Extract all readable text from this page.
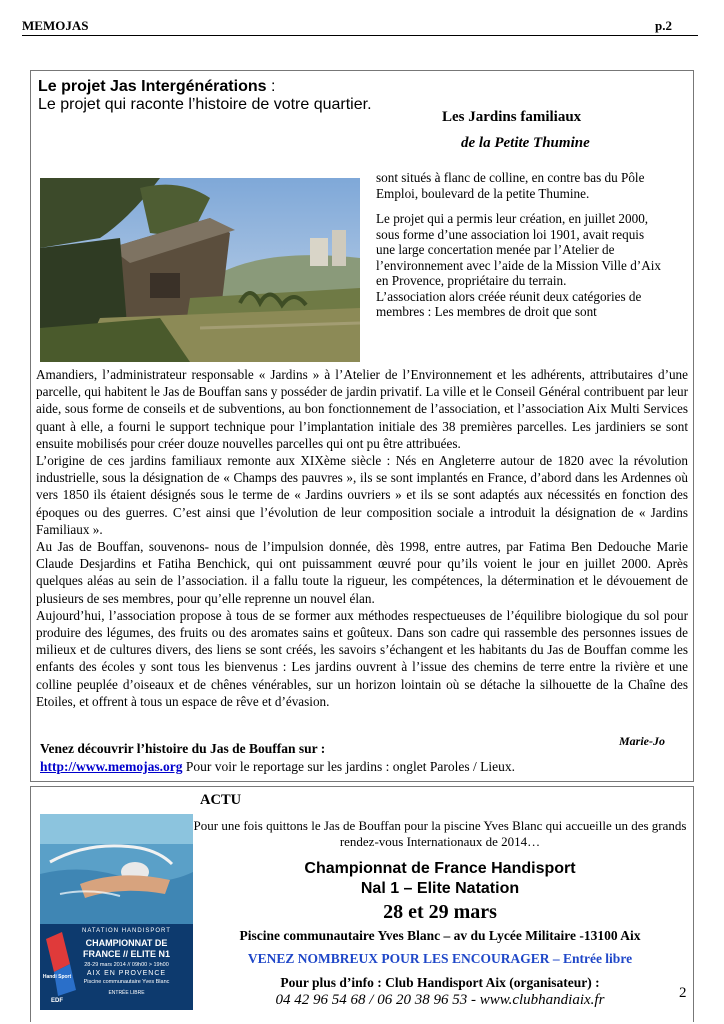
MEMOJAS	p.2
Le projet Jas Intergénérations :
Le projet qui raconte l’histoire de votre quartier.
Les Jardins familiaux
de la Petite Thumine

sont situés à flanc de colline, en contre bas du Pôle Emploi, boulevard de la petite Thumine.

Le projet qui a permis leur création, en juillet 2000,

sous forme d’une association loi 1901, avait requis

une large concertation menée par l’Atelier de l’environnement avec l’aide de la Mission Ville d’Aix en Provence, propriétaire du terrain.

L’association alors créée réunit deux catégories de membres : Les membres de droit que sont

Amandiers, l’administrateur responsable « Jardins » à l’Atelier de l’Environnement et les adhérents, attributaires d’une parcelle, qui habitent le Jas de Bouffan sans y posséder de jardin privatif. La ville et le Conseil Général contribuent par leur aide, sous forme de conseils et de subventions, au bon fonctionnement de l’association, et l’association Aix Multi Services quant à elle, a fourni le support technique pour l’implantation initiale des 38 premières parcelles. Les jardiniers se sont ensuite mobilisés pour créer douze nouvelles parcelles qui ont pu être attribuées.

L’origine de ces jardins familiaux remonte aux XIXème siècle : Nés en Angleterre autour de 1820 avec la révolution industrielle, sous la désignation de « Champs des pauvres », ils se sont implantés en France, d’abord dans les Ardennes où vers 1850 ils étaient désignés sous le terme de « Jardins ouvriers » et ils se sont adaptés aux nécessités en fonction des époques ou des guerres. C’est ainsi que l’évolution de leur composition sociale a introduit la désignation de « Jardins Familiaux ».

Au Jas de Bouffan, souvenons- nous de l’impulsion donnée, dès 1998, entre autres, par Fatima Ben Dedouche Marie Claude Desjardins et Fatiha Benchick, qui ont puissamment œuvré pour qu’ils voient le jour en juillet 2000. Après quelques aléas au sein de l’association. il a fallu toute la rigueur, les compétences, la détermination et le dévouement de plusieurs de ses membres, pour qu’elle reprenne un nouvel élan.

Aujourd’hui, l’association propose à tous de se former aux méthodes respectueuses de l’équilibre biologique du sol pour produire des légumes, des fruits ou des aromates sains et goûteux. Dans son cadre qui rassemble des personnes issues de milieux et de cultures divers, des liens se sont créés, les savoirs s’échangent et les habitants du Jas de Bouffan comme les enfants des écoles y sont tous les bienvenus : Les jardins ouvrent à l’issue des chemins de terre entre la rivière et une colline peuplée d’oiseaux et de chênes vénérables, sur un horizon lointain où se détache la silhouette de la Chaîne des Etoiles, et offrent à tous un espace de rêve et d’évasion.

Marie-Jo
Venez découvrir l’histoire du Jas de Bouffan sur :
http://www.memojas.org Pour voir le reportage sur les jardins : onglet Paroles / Lieux.
ACTU
NATATION HANDISPORT
CHAMPIONNAT DE
FRANCE // ELITE N1
28-29 mars 2014 // 09h00 > 19h00
AIX EN PROVENCE
Piscine communautaire Yves Blanc
ENTRÉE LIBRE
Handi Sport
EDF
Pour une fois quittons le Jas de Bouffan pour la piscine Yves Blanc qui accueille un des grands rendez-vous Internationaux de 2014…
Championnat de France Handisport
Nal 1 – Elite Natation
28 et 29 mars
Piscine communautaire Yves Blanc – av du Lycée Militaire -13100 Aix
VENEZ NOMBREUX POUR LES ENCOURAGER – Entrée libre
Pour plus d’info : Club Handisport Aix (organisateur) :
04 42 96 54 68 / 06 20 38 96 53 - www.clubhandiaix.fr	2
